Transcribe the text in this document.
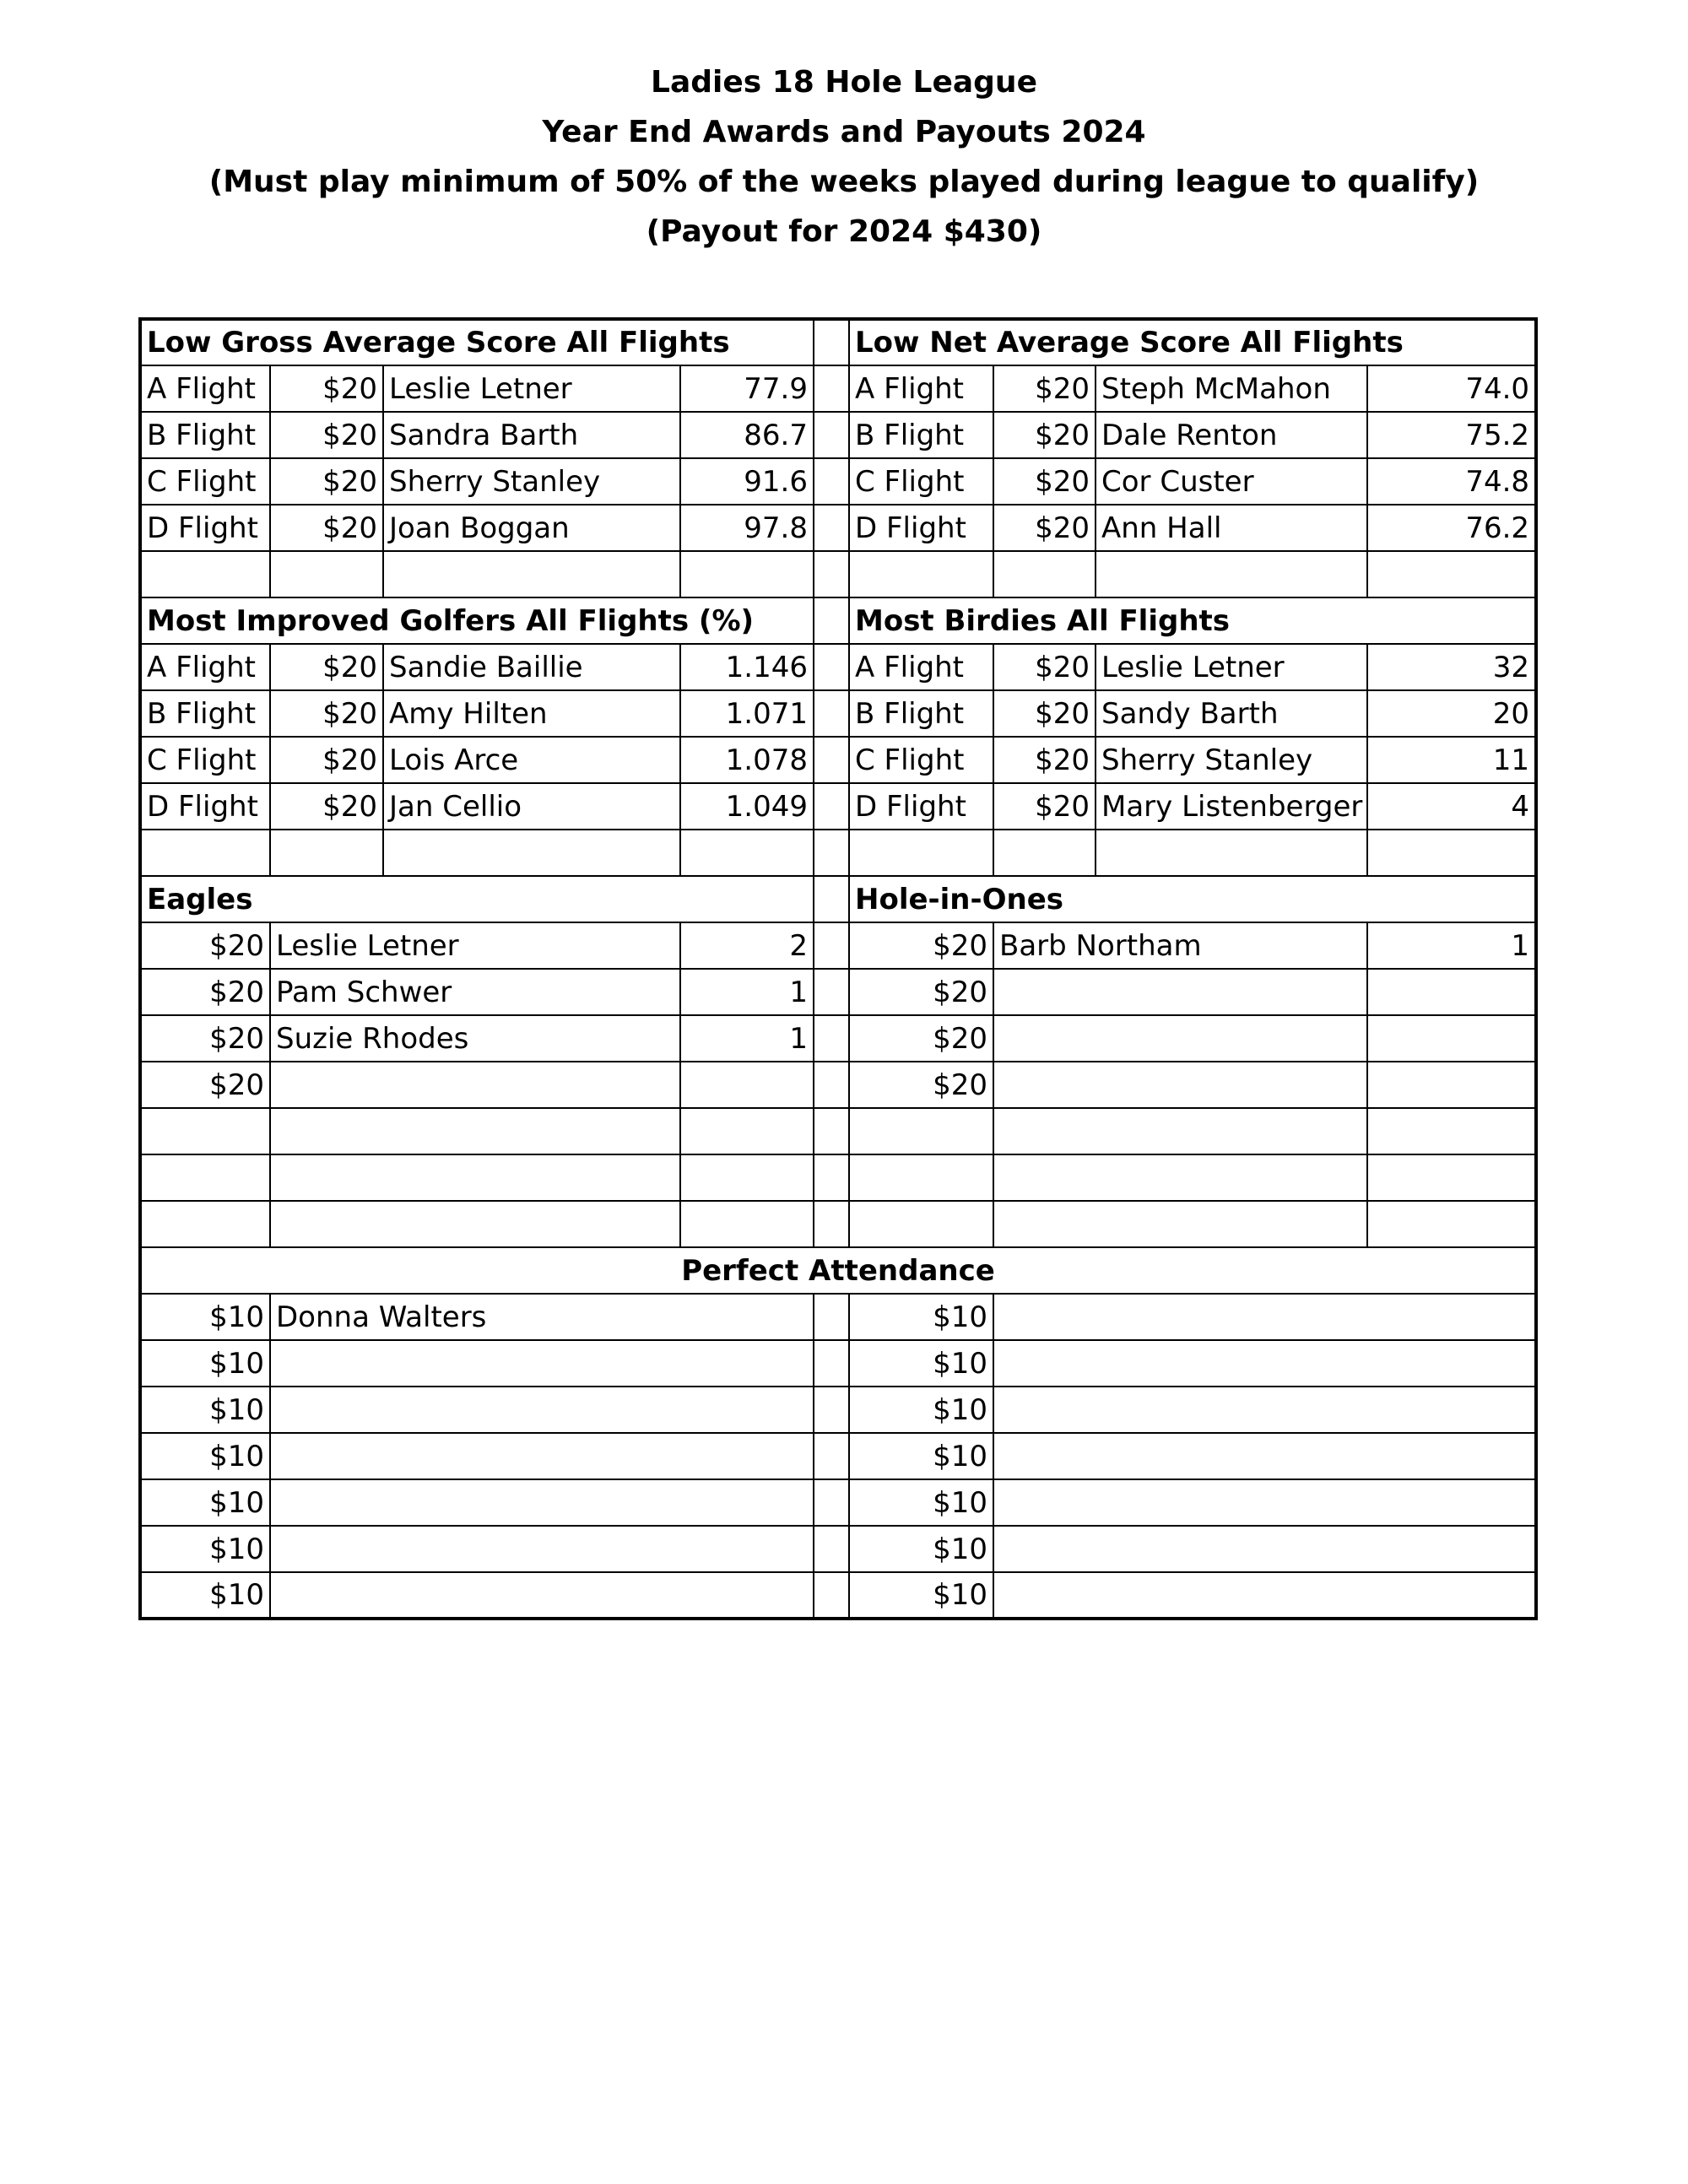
Ladies 18 Hole League
Year End Awards and Payouts 2024
(Must play minimum of 50% of the weeks played during league to qualify)
(Payout for 2024 $430)
Low Gross Average Score All Flights					Low Net Average Score All Flights			
A Flight	$20	Leslie Letner	77.9		A Flight	$20	Steph McMahon	74.0
B Flight	$20	Sandra Barth	86.7		B Flight	$20	Dale Renton	75.2
C Flight	$20	Sherry Stanley	91.6		C Flight	$20	Cor Custer	74.8
D Flight	$20	Joan Boggan	97.8		D Flight	$20	Ann Hall	76.2

Most Improved Golfers All Flights (%)					Most Birdies All Flights			
A Flight	$20	Sandie Baillie	1.146		A Flight	$20	Leslie Letner	32
B Flight	$20	Amy Hilten	1.071		B Flight	$20	Sandy Barth	20
C Flight	$20	Lois Arce	1.078		C Flight	$20	Sherry Stanley	11
D Flight	$20	Jan Cellio	1.049		D Flight	$20	Mary Listenberger	4

Eagles					Hole-in-Ones			
$20	Leslie Letner		2		$20	Barb Northam		1
$20	Pam Schwer		1		$20			
$20	Suzie Rhodes		1		$20			
$20					$20			

Perfect Attendance								
$10	Donna Walters				$10			
$10					$10			
$10					$10			
$10					$10			
$10					$10			
$10					$10			
$10					$10			
